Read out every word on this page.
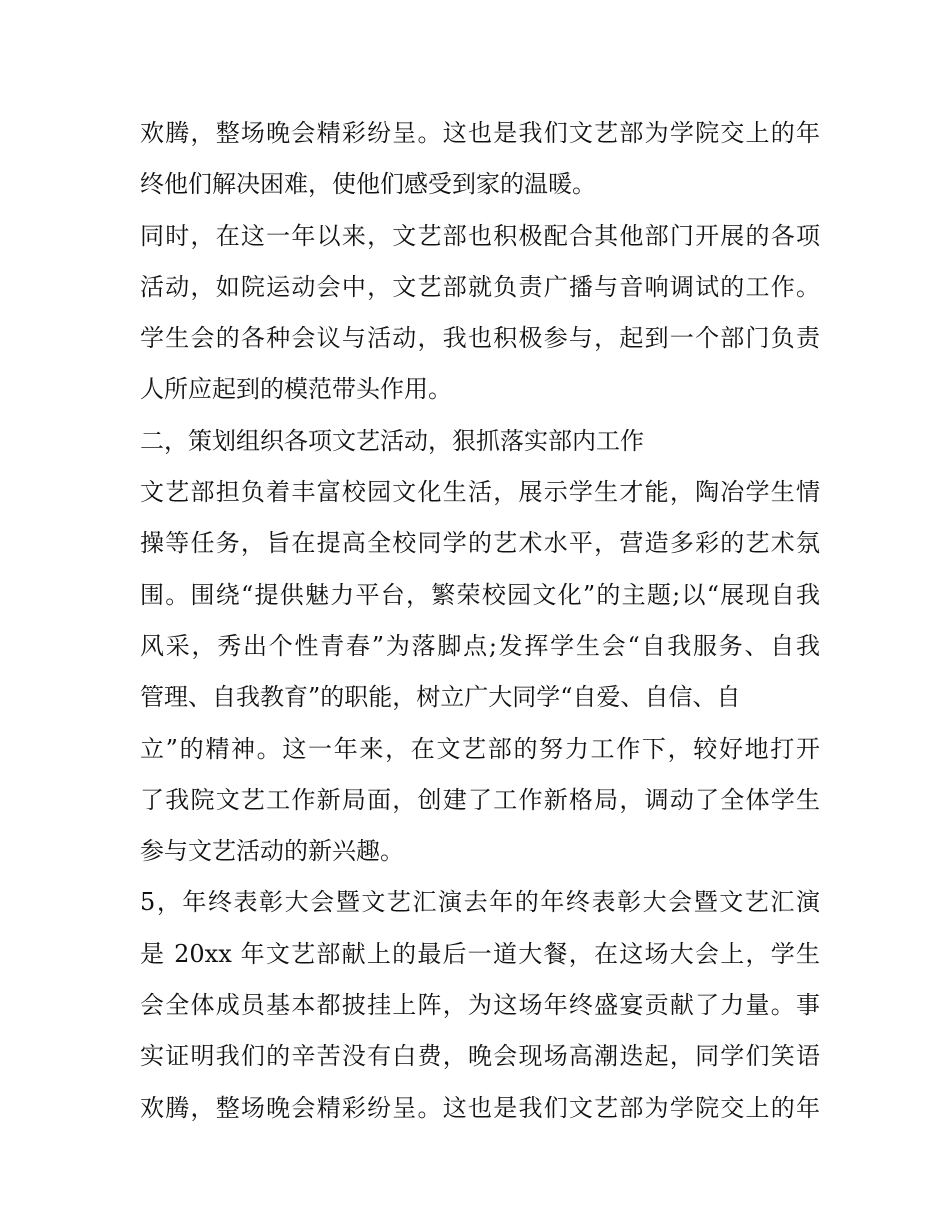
欢腾，整场晚会精彩纷呈。这也是我们文艺部为学院交上的年
终他们解决困难，使他们感受到家的温暖。
同时，在这一年以来，文艺部也积极配合其他部门开展的各项
活动，如院运动会中，文艺部就负责广播与音响调试的工作。
学生会的各种会议与活动，我也积极参与，起到一个部门负责
人所应起到的模范带头作用。
二，策划组织各项文艺活动，狠抓落实部内工作
文艺部担负着丰富校园文化生活，展示学生才能，陶冶学生情
操等任务，旨在提高全校同学的艺术水平，营造多彩的艺术氛
围。围绕“提供魅力平台，繁荣校园文化”的主题;以“展现自我
风采，秀出个性青春”为落脚点;发挥学生会“自我服务、自我
管理、自我教育”的职能，树立广大同学“自爱、自信、自
立”的精神。这一年来，在文艺部的努力工作下，较好地打开
了我院文艺工作新局面，创建了工作新格局，调动了全体学生
参与文艺活动的新兴趣。
5，年终表彰大会暨文艺汇演去年的年终表彰大会暨文艺汇演
是 20xx 年文艺部献上的最后一道大餐，在这场大会上，学生
会全体成员基本都披挂上阵，为这场年终盛宴贡献了力量。事
实证明我们的辛苦没有白费，晚会现场高潮迭起，同学们笑语
欢腾，整场晚会精彩纷呈。这也是我们文艺部为学院交上的年
